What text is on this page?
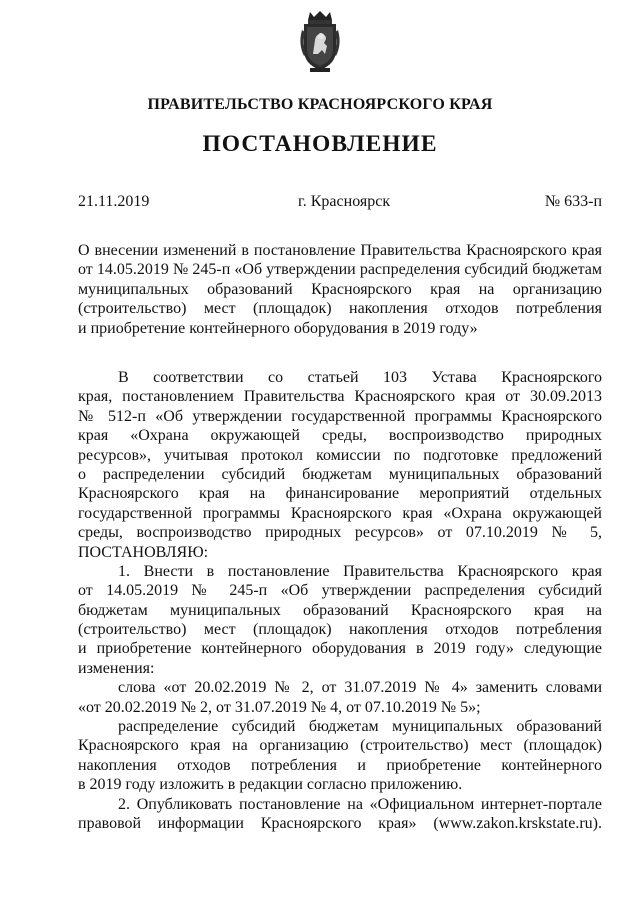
ПРАВИТЕЛЬСТВО КРАСНОЯРСКОГО КРАЯ
ПОСТАНОВЛЕНИЕ
21.11.2019	г. Красноярск	№ 633-п
О внесении изменений в постановление Правительства Красноярского края
от 14.05.2019 № 245-п «Об утверждении распределения субсидий бюджетам
муниципальных образований Красноярского края на организацию
(строительство) мест (площадок) накопления отходов потребления
и приобретение контейнерного оборудования в 2019 году»
В соответствии со статьей 103 Устава Красноярского
края, постановлением Правительства Красноярского края от 30.09.2013
№ 512-п «Об утверждении государственной программы Красноярского
края «Охрана окружающей среды, воспроизводство природных
ресурсов», учитывая протокол комиссии по подготовке предложений
о распределении субсидий бюджетам муниципальных образований
Красноярского края на финансирование мероприятий отдельных
государственной программы Красноярского края «Охрана окружающей
среды, воспроизводство природных ресурсов» от 07.10.2019 № 5,
ПОСТАНОВЛЯЮ:
1. Внести в постановление Правительства Красноярского края
от 14.05.2019 № 245-п «Об утверждении распределения субсидий
бюджетам муниципальных образований Красноярского края на
(строительство) мест (площадок) накопления отходов потребления
и приобретение контейнерного оборудования в 2019 году» следующие
изменения:
слова «от 20.02.2019 № 2, от 31.07.2019 № 4» заменить словами
«от 20.02.2019 № 2, от 31.07.2019 № 4, от 07.10.2019 № 5»;
распределение субсидий бюджетам муниципальных образований
Красноярского края на организацию (строительство) мест (площадок)
накопления отходов потребления и приобретение контейнерного
в 2019 году изложить в редакции согласно приложению.
2. Опубликовать постановление на «Официальном интернет-портале
правовой информации Красноярского края» (www.zakon.krskstate.ru).
